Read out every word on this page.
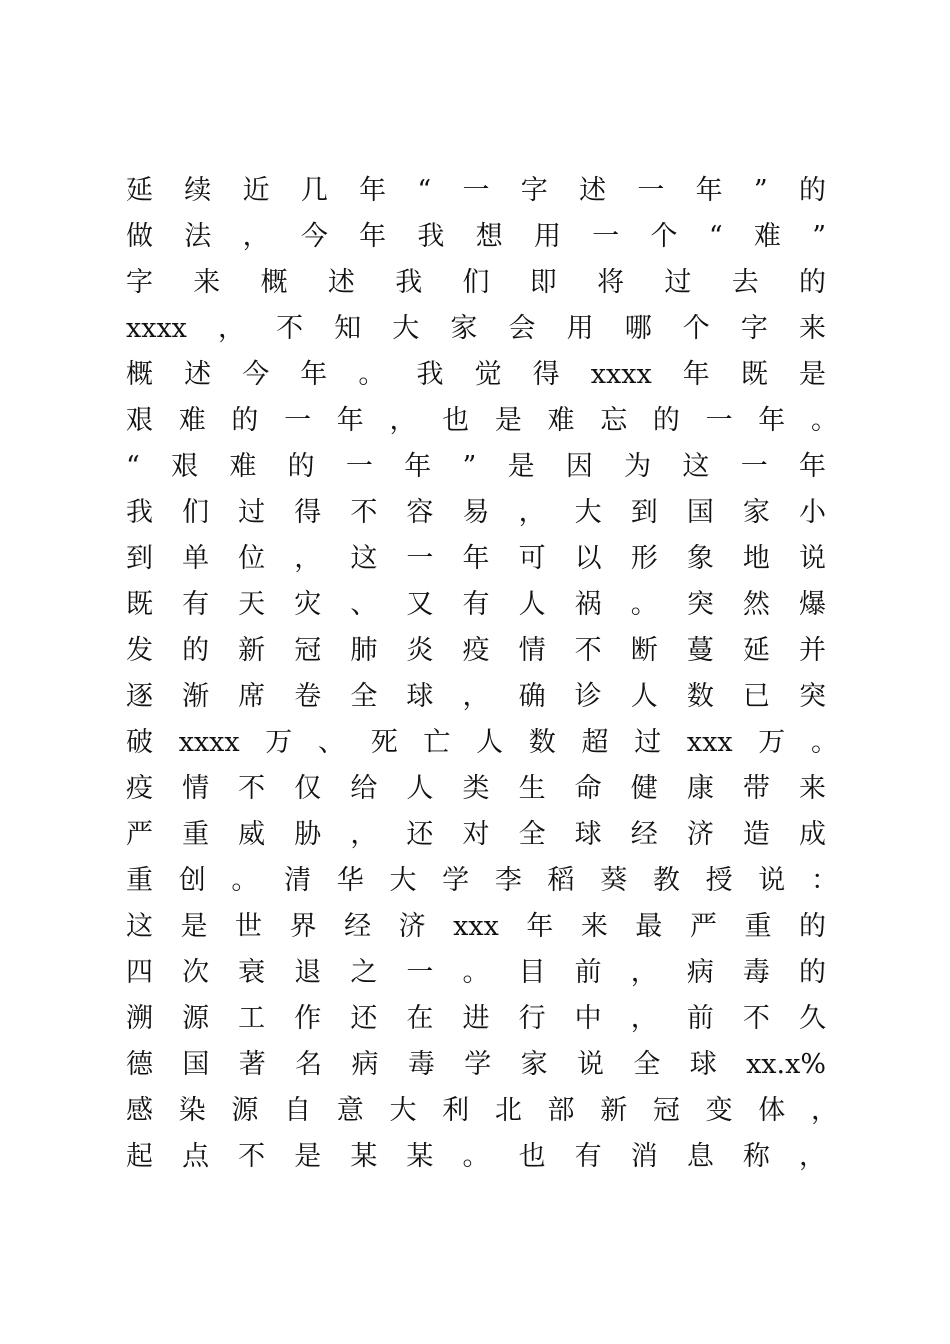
延续近几年“一字述一年”的

做法，今年我想用一个“难”

字来概述我们即将过去的

xxxx，不知大家会用哪个字来

概述今年。我觉得xxxx年既是

艰难的一年，也是难忘的一年。

“艰难的一年”是因为这一年

我们过得不容易，大到国家小

到单位，这一年可以形象地说

既有天灾、又有人祸。突然爆

发的新冠肺炎疫情不断蔓延并

逐渐席卷全球，确诊人数已突

破xxxx万、死亡人数超过xxx万。

疫情不仅给人类生命健康带来

严重威胁，还对全球经济造成

重创。清华大学李稻葵教授说：

这是世界经济xxx年来最严重的

四次衰退之一。目前，病毒的

溯源工作还在进行中，前不久

德国著名病毒学家说全球xx.x%

感染源自意大利北部新冠变体，

起点不是某某。也有消息称，
